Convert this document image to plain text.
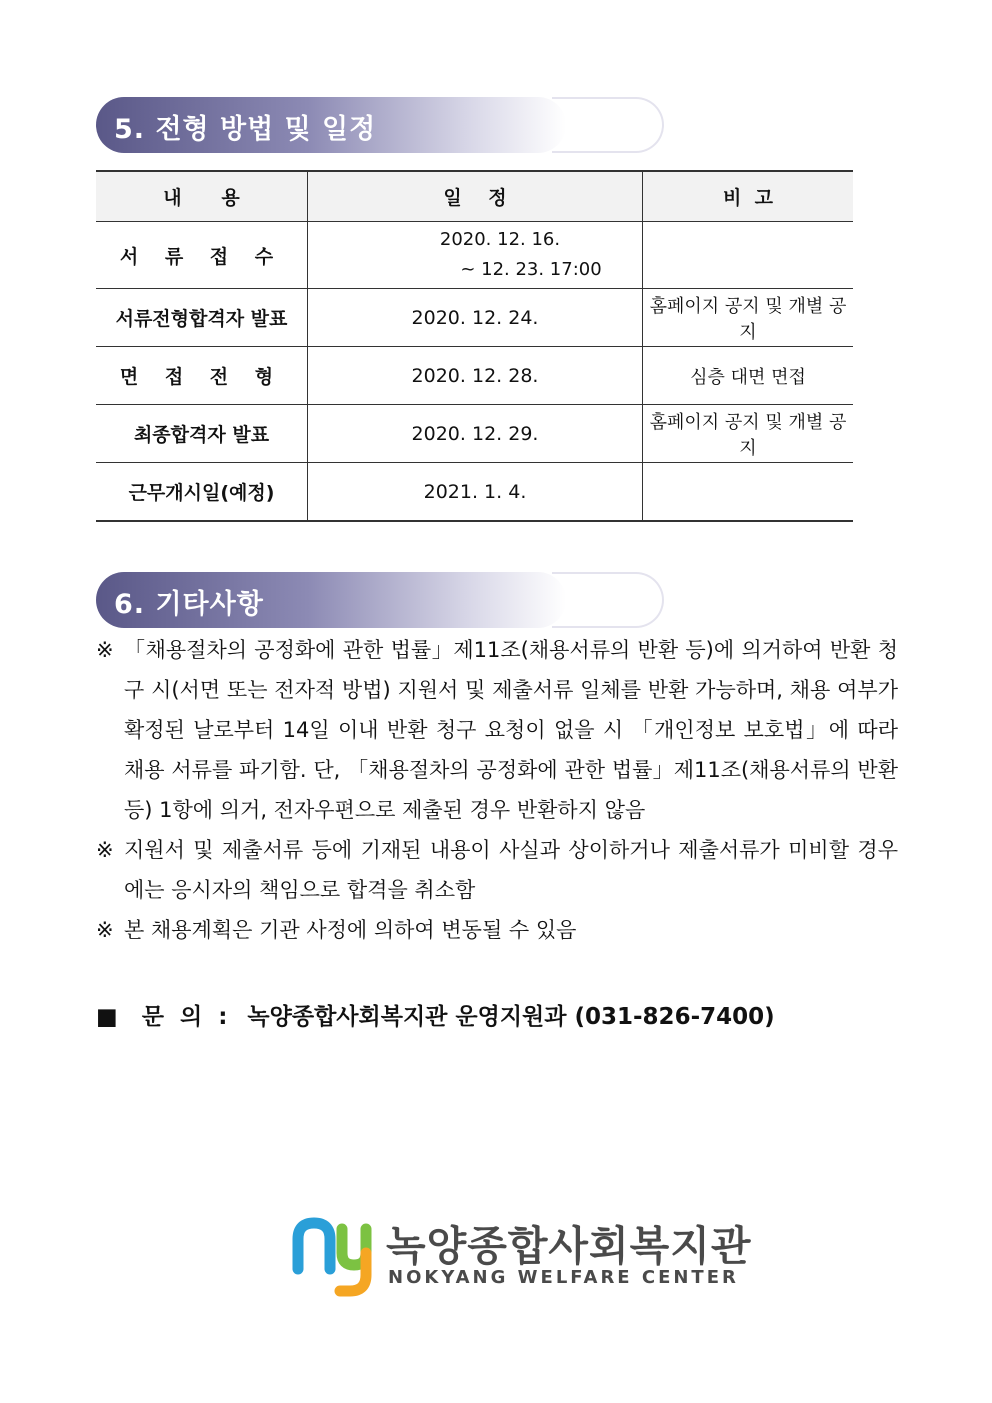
5. 전형 방법 및 일정
내      용	일    정	비  고
서 류 접 수	2020. 12. 16.
~ 12. 23. 17:00	

서류전형합격자 발표	2020. 12. 24.	홈페이지 공지 및 개별 공지
면 접 전 형	2020. 12. 28.	심층 대면 면접
최종합격자 발표	2020. 12. 29.	홈페이지 공지 및 개별 공지
근무개시일(예정)	2021. 1. 4.	
6. 기타사항
※ 「채용절차의 공정화에 관한 법률」제11조(채용서류의 반환 등)에 의거하여 반환 청구 시(서면 또는 전자적 방법) 지원서 및 제출서류 일체를 반환 가능하며, 채용 여부가 확정된 날로부터 14일 이내 반환 청구 요청이 없을 시 「개인정보 보호법」에 따라 채용 서류를 파기함. 단, 「채용절차의 공정화에 관한 법률」제11조(채용서류의 반환 등) 1항에 의거, 전자우편으로 제출된 경우 반환하지 않음
※ 지원서 및 제출서류 등에 기재된 내용이 사실과 상이하거나 제출서류가 미비할 경우에는 응시자의 책임으로 합격을 취소함
※ 본 채용계획은 기관 사정에 의하여 변동될 수 있음
■ 문 의 : 녹양종합사회복지관 운영지원과 (031-826-7400)
녹양종합사회복지관
NOKYANG WELFARE CENTER
